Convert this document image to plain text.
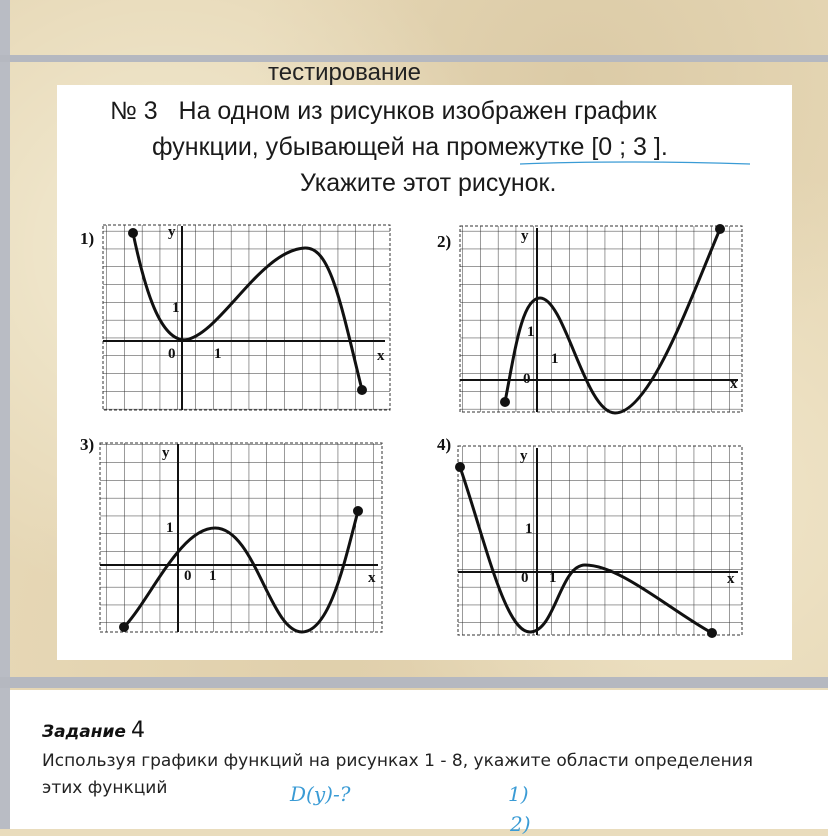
тестирование
№ 3 На одном из рисунков изображен график
функции, убывающей на промежутке [0 ; 3 ].
Укажите этот рисунок.
1)	y
x
0	1
1
2)	y
x
0
1
1
3)	y
x
0 1
1
4)
y
x
0 1
1
Задание 4
Используя графики функций на рисунках 1 - 8, укажите области определения
этих функций	D(y)-?	1)
2)
